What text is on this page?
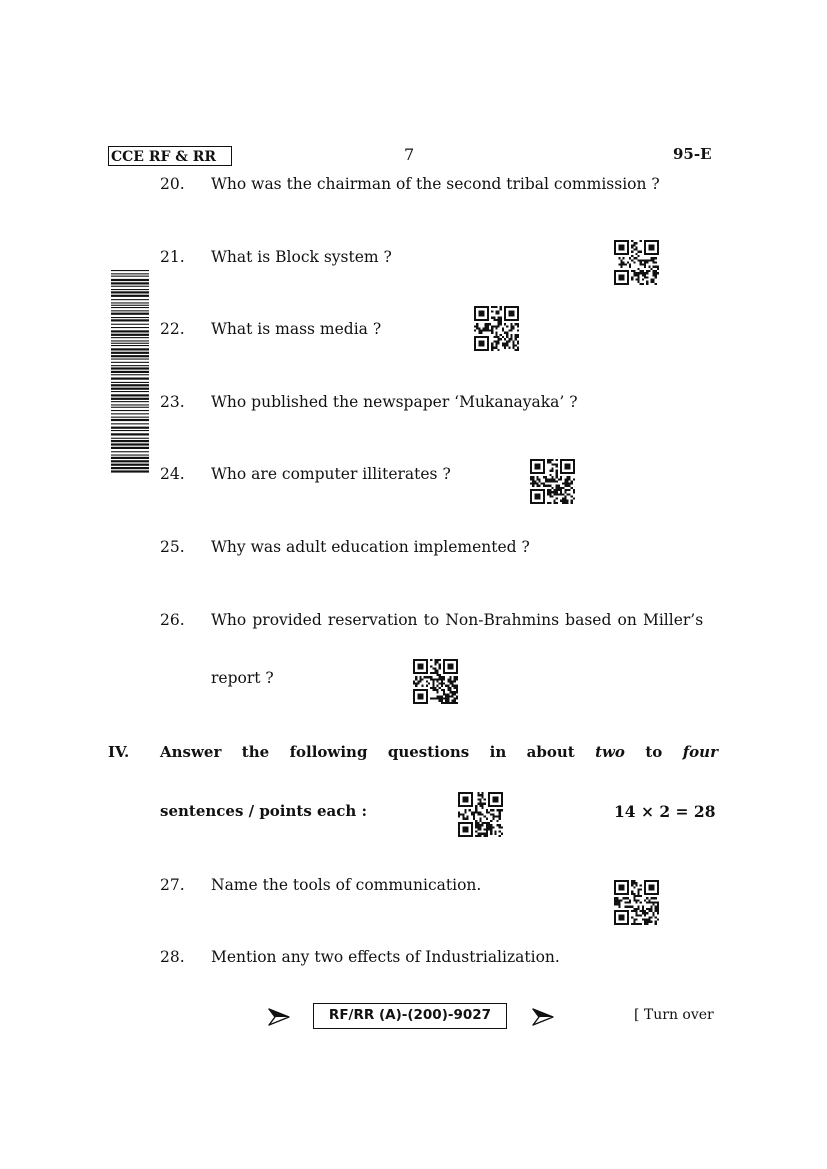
CCE RF & RR	7	95-E
20. Who was the chairman of the second tribal commission ?
21. What is Block system ?
22. What is mass media ?
23. Who published the newspaper ‘Mukanayaka’ ?
24. Who are computer illiterates ?
25. Why was adult education implemented ?
26. Who provided reservation to Non-Brahmins based on Miller’s
report ?
IV. Answer the following questions in about two to four
sentences / points each :	14 × 2 = 28
27. Name the tools of communication.
28. Mention any two effects of Industrialization.
RF/RR (A)-(200)-9027	[ Turn over
